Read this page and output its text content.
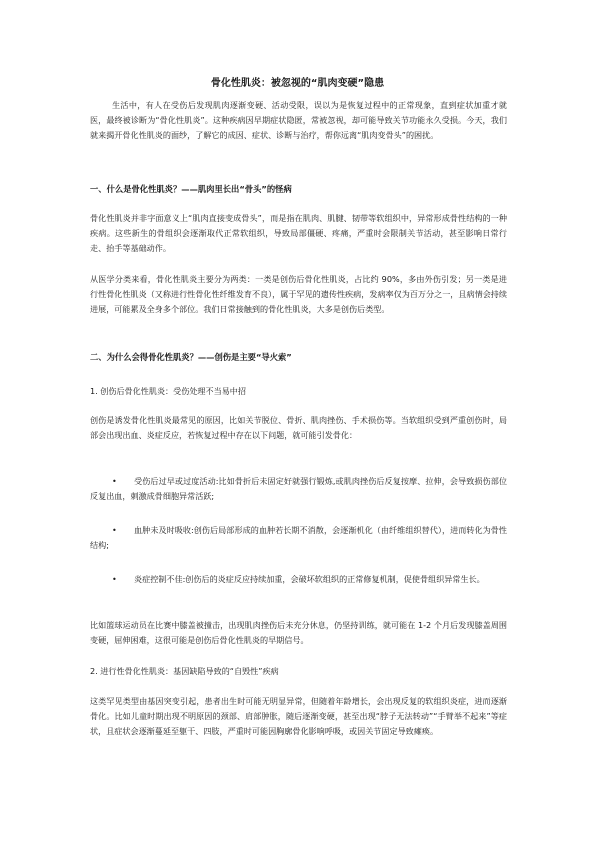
骨化性肌炎：被忽视的“肌肉变硬”隐患

生活中，有人在受伤后发现肌肉逐渐变硬、活动受限，误以为是恢复过程中的正常现象，直到症状加重才就医，最终被诊断为“骨化性肌炎”。这种疾病因早期症状隐匿，常被忽视，却可能导致关节功能永久受损。今天，我们就来揭开骨化性肌炎的面纱，了解它的成因、症状、诊断与治疗，帮你远离“肌肉变骨头”的困扰。

一、什么是骨化性肌炎？——肌肉里长出“骨头”的怪病

骨化性肌炎并非字面意义上“肌肉直接变成骨头”，而是指在肌肉、肌腱、韧带等软组织中，异常形成骨性结构的一种疾病。这些新生的骨组织会逐渐取代正常软组织，导致局部僵硬、疼痛，严重时会限制关节活动，甚至影响日常行走、抬手等基础动作。

从医学分类来看，骨化性肌炎主要分为两类：一类是创伤后骨化性肌炎，占比约 90%，多由外伤引发；另一类是进行性骨化性肌炎（又称进行性骨化性纤维发育不良），属于罕见的遗传性疾病，发病率仅为百万分之一，且病情会持续进展，可能累及全身多个部位。我们日常接触到的骨化性肌炎，大多是创伤后类型。

二、为什么会得骨化性肌炎？——创伤是主要“导火索”

1. 创伤后骨化性肌炎：受伤处理不当易中招

创伤是诱发骨化性肌炎最常见的原因，比如关节脱位、骨折、肌肉挫伤、手术损伤等。当软组织受到严重创伤时，局部会出现出血、炎症反应，若恢复过程中存在以下问题，就可能引发骨化：

• 受伤后过早或过度活动:比如骨折后未固定好就强行锻炼,或肌肉挫伤后反复按摩、拉伸，会导致损伤部位反复出血，刺激成骨细胞异常活跃;

• 血肿未及时吸收:创伤后局部形成的血肿若长期不消散，会逐渐机化（由纤维组织替代），进而转化为骨性结构;

• 炎症控制不佳:创伤后的炎症反应持续加重，会破坏软组织的正常修复机制，促使骨组织异常生长。

比如篮球运动员在比赛中膝盖被撞击，出现肌肉挫伤后未充分休息，仍坚持训练，就可能在 1-2 个月后发现膝盖周围变硬，屈伸困难，这很可能是创伤后骨化性肌炎的早期信号。

2. 进行性骨化性肌炎：基因缺陷导致的“自毁性”疾病

这类罕见类型由基因突变引起，患者出生时可能无明显异常，但随着年龄增长，会出现反复的软组织炎症，进而逐渐骨化。比如儿童时期出现不明原因的颈部、肩部肿胀，随后逐渐变硬，甚至出现“脖子无法转动”“手臂举不起来”等症状，且症状会逐渐蔓延至躯干、四肢，严重时可能因胸廓骨化影响呼吸，或因关节固定导致瘫痪。
